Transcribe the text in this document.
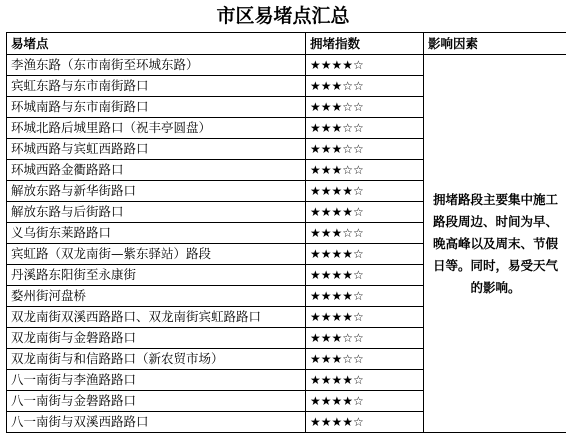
市区易堵点汇总
易堵点	拥堵指数	影响因素
李渔东路（东市南街至环城东路）	★★★★☆	拥堵路段主要集中施工路段周边、时间为早、晚高峰以及周末、节假日等。同时，易受天气的影响。
宾虹东路与东市南街路口	★★★☆☆	
环城南路与东市南街路口	★★★☆☆	
环城北路后城里路口（祝丰亭圆盘）	★★★☆☆	
环城西路与宾虹西路路口	★★★☆☆	
环城西路金衢路路口	★★★☆☆	
解放东路与新华街路口	★★★★☆	
解放东路与后街路口	★★★★☆	
义乌街东莱路路口	★★★☆☆	
宾虹路（双龙南街—紫东驿站）路段	★★★★☆	
丹溪路东阳街至永康街	★★★★☆	
婺州街河盘桥	★★★★☆	
双龙南街双溪西路路口、双龙南街宾虹路路口	★★★★☆	
双龙南街与金磐路路口	★★★☆☆	
双龙南街与和信路路口（新农贸市场）	★★★☆☆	
八一南街与李渔路路口	★★★★☆	
八一南街与金磐路路口	★★★★☆	
八一南街与双溪西路路口	★★★★☆	
